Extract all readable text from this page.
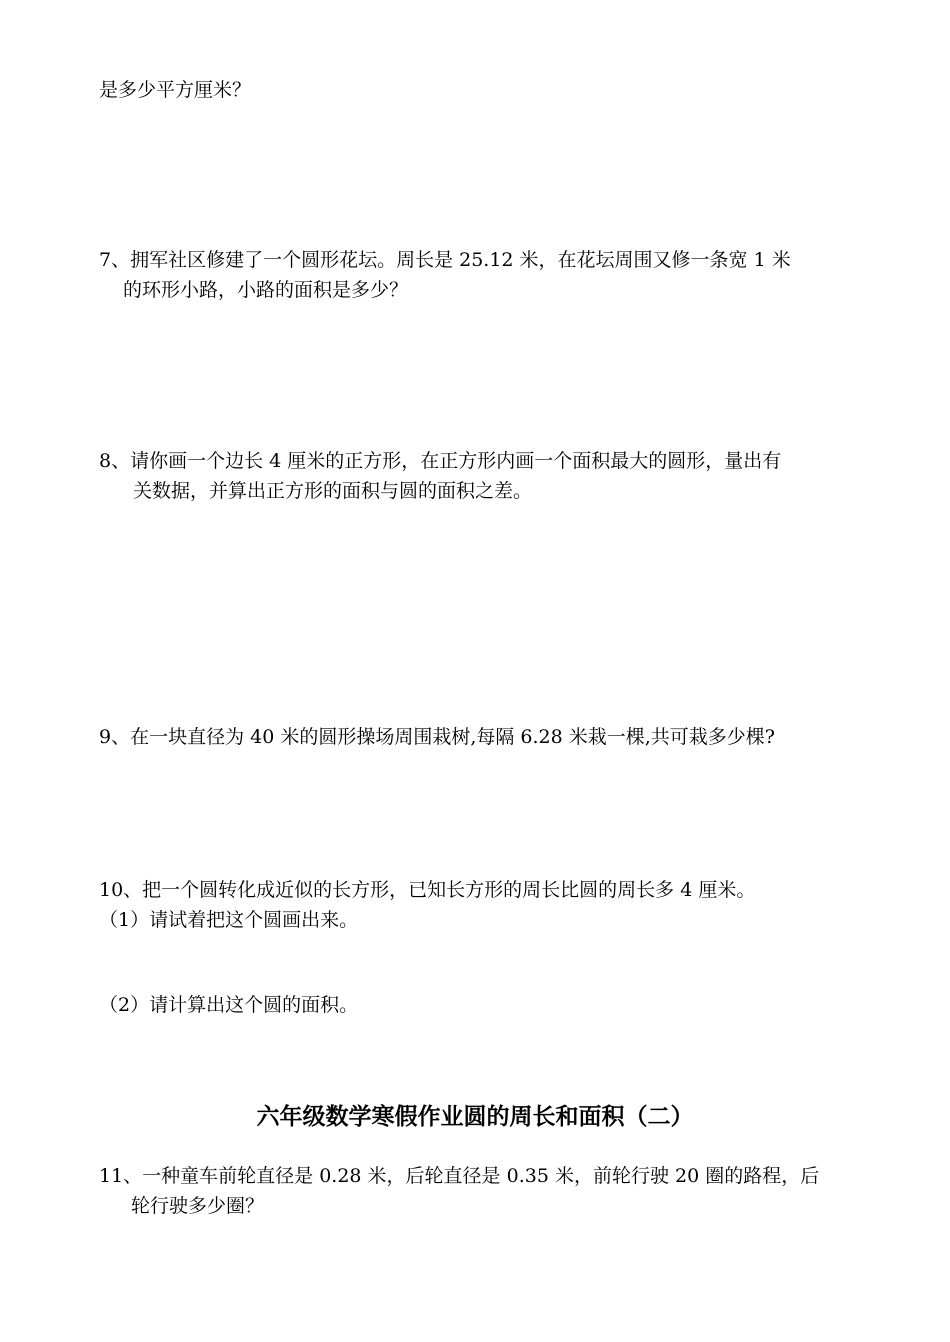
是多少平方厘米？
7、拥军社区修建了一个圆形花坛。周长是 25.12 米，在花坛周围又修一条宽 1 米
的环形小路，小路的面积是多少？
8、请你画一个边长 4 厘米的正方形，在正方形内画一个面积最大的圆形，量出有
关数据，并算出正方形的面积与圆的面积之差。
9、在一块直径为 40 米的圆形操场周围栽树,每隔 6.28 米栽一棵,共可栽多少棵?
10、把一个圆转化成近似的长方形，已知长方形的周长比圆的周长多 4 厘米。
（1）请试着把这个圆画出来。
（2）请计算出这个圆的面积。
六年级数学寒假作业圆的周长和面积（二）
11、一种童车前轮直径是 0.28 米，后轮直径是 0.35 米，前轮行驶 20 圈的路程，后
轮行驶多少圈？
